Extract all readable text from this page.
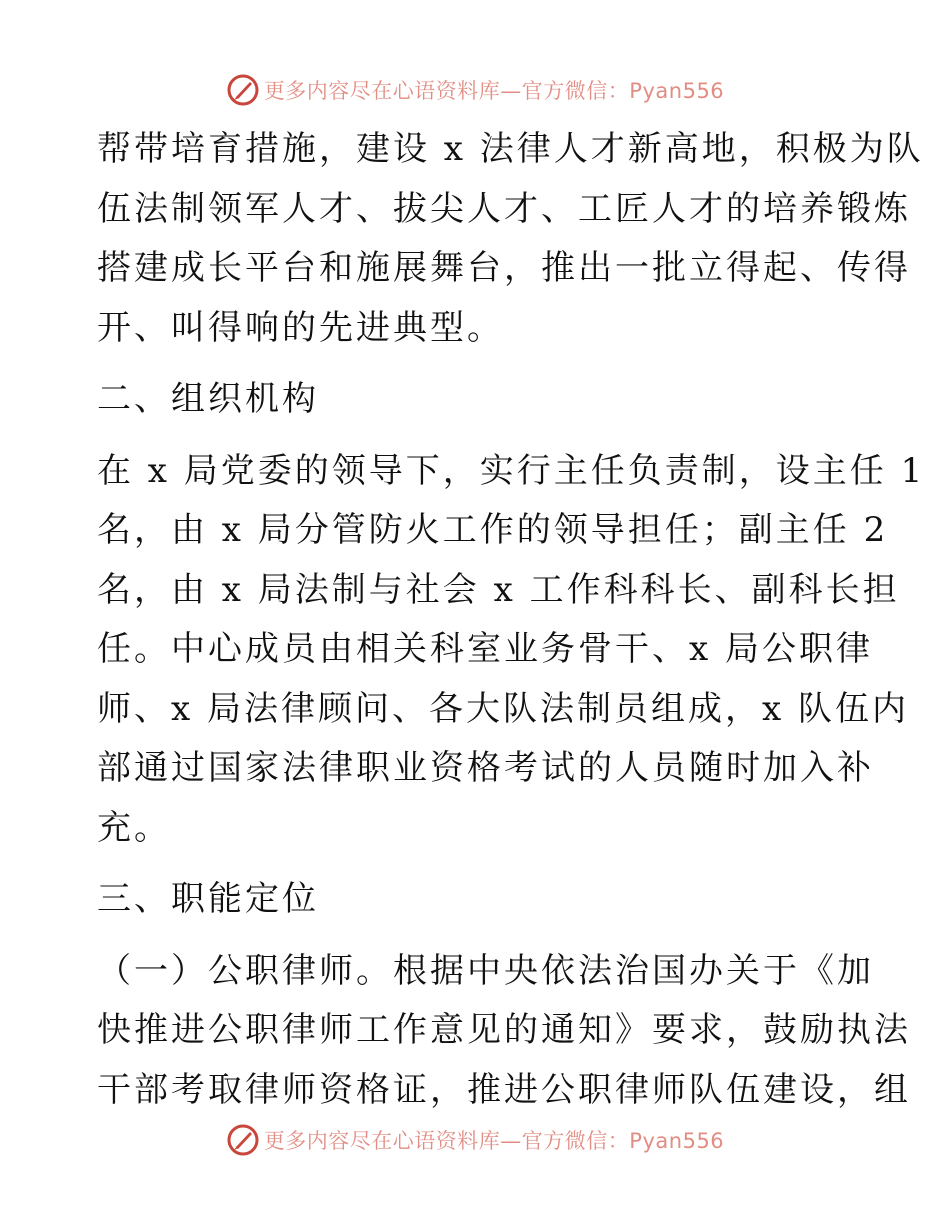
更多内容尽在心语资料库—官方微信：Pyan556
帮带培育措施，建设 x 法律人才新高地，积极为队
伍法制领军人才、拔尖人才、工匠人才的培养锻炼
搭建成长平台和施展舞台，推出一批立得起、传得
开、叫得响的先进典型。
二、组织机构
在 x 局党委的领导下，实行主任负责制，设主任 1
名，由 x 局分管防火工作的领导担任；副主任 2
名，由 x 局法制与社会 x 工作科科长、副科长担
任。中心成员由相关科室业务骨干、x 局公职律
师、x 局法律顾问、各大队法制员组成，x 队伍内
部通过国家法律职业资格考试的人员随时加入补
充。
三、职能定位
（一）公职律师。根据中央依法治国办关于《加
快推进公职律师工作意见的通知》要求，鼓励执法
干部考取律师资格证，推进公职律师队伍建设，组
更多内容尽在心语资料库—官方微信：Pyan556
